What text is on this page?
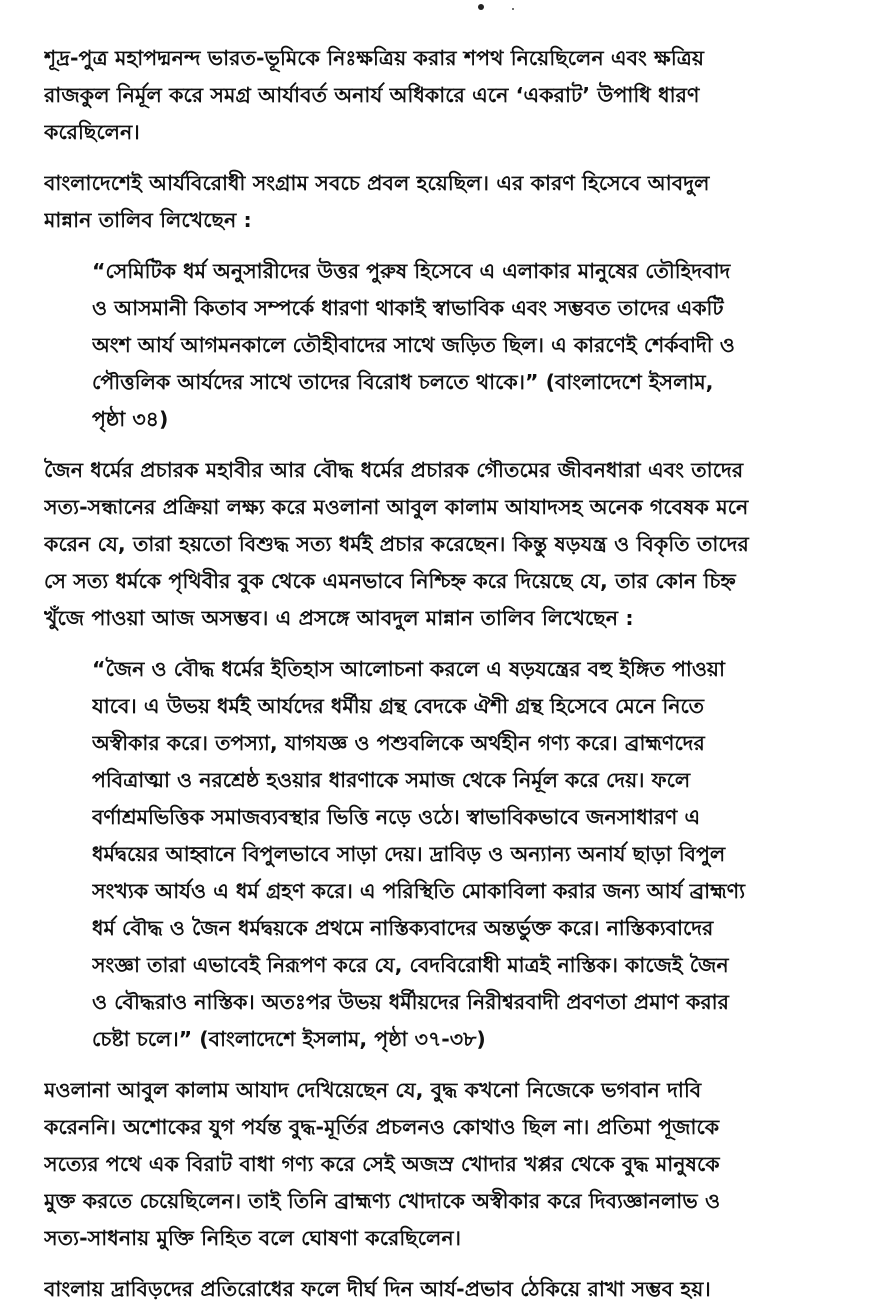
শূদ্র-পুত্র মহাপদ্মনন্দ ভারত-ভূমিকে নিঃক্ষত্রিয় করার শপথ নিয়েছিলেন এবং ক্ষত্রিয়
রাজকুল নির্মূল করে সমগ্র আর্যাবর্ত অনার্য অধিকারে এনে ‘একরাট’ উপাধি ধারণ
করেছিলেন।

বাংলাদেশেই আর্যবিরোধী সংগ্রাম সবচে প্রবল হয়েছিল। এর কারণ হিসেবে আবদুল
মান্নান তালিব লিখেছেন :

“সেমিটিক ধর্ম অনুসারীদের উত্তর পুরুষ হিসেবে এ এলাকার মানুষের তৌহিদবাদ
ও আসমানী কিতাব সম্পর্কে ধারণা থাকাই স্বাভাবিক এবং সম্ভবত তাদের একটি
অংশ আর্য আগমনকালে তৌহীবাদের সাথে জড়িত ছিল। এ কারণেই শের্কবাদী ও
পৌত্তলিক আর্যদের সাথে তাদের বিরোধ চলতে থাকে।” (বাংলাদেশে ইসলাম,
পৃষ্ঠা ৩৪)

জৈন ধর্মের প্রচারক মহাবীর আর বৌদ্ধ ধর্মের প্রচারক গৌতমের জীবনধারা এবং তাদের
সত্য-সন্ধানের প্রক্রিয়া লক্ষ্য করে মওলানা আবুল কালাম আযাদসহ অনেক গবেষক মনে
করেন যে, তারা হয়তো বিশুদ্ধ সত্য ধর্মই প্রচার করেছেন। কিন্তু ষড়যন্ত্র ও বিকৃতি তাদের
সে সত্য ধর্মকে পৃথিবীর বুক থেকে এমনভাবে নিশ্চিহ্ন করে দিয়েছে যে, তার কোন চিহ্ন
খুঁজে পাওয়া আজ অসম্ভব। এ প্রসঙ্গে আবদুল মান্নান তালিব লিখেছেন :

“জৈন ও বৌদ্ধ ধর্মের ইতিহাস আলোচনা করলে এ ষড়যন্ত্রের বহু ইঙ্গিত পাওয়া
যাবে। এ উভয় ধর্মই আর্যদের ধর্মীয় গ্রন্থ বেদকে ঐশী গ্রন্থ হিসেবে মেনে নিতে
অস্বীকার করে। তপস্যা, যাগযজ্ঞ ও পশুবলিকে অর্থহীন গণ্য করে। ব্রাহ্মণদের
পবিত্রাত্মা ও নরশ্রেষ্ঠ হওয়ার ধারণাকে সমাজ থেকে নির্মূল করে দেয়। ফলে
বর্ণাশ্রমভিত্তিক সমাজব্যবস্থার ভিত্তি নড়ে ওঠে। স্বাভাবিকভাবে জনসাধারণ এ
ধর্মদ্বয়ের আহ্বানে বিপুলভাবে সাড়া দেয়। দ্রাবিড় ও অন্যান্য অনার্য ছাড়া বিপুল
সংখ্যক আর্যও এ ধর্ম গ্রহণ করে। এ পরিস্থিতি মোকাবিলা করার জন্য আর্য ব্রাহ্মণ্য
ধর্ম বৌদ্ধ ও জৈন ধর্মদ্বয়কে প্রথমে নাস্তিক্যবাদের অন্তর্ভুক্ত করে। নাস্তিক্যবাদের
সংজ্ঞা তারা এভাবেই নিরূপণ করে যে, বেদবিরোধী মাত্রই নাস্তিক। কাজেই জৈন
ও বৌদ্ধরাও নাস্তিক। অতঃপর উভয় ধর্মীয়দের নিরীশ্বরবাদী প্রবণতা প্রমাণ করার
চেষ্টা চলে।” (বাংলাদেশে ইসলাম, পৃষ্ঠা ৩৭-৩৮)

মওলানা আবুল কালাম আযাদ দেখিয়েছেন যে, বুদ্ধ কখনো নিজেকে ভগবান দাবি
করেননি। অশোকের যুগ পর্যন্ত বুদ্ধ-মূর্তির প্রচলনও কোথাও ছিল না। প্রতিমা পূজাকে
সত্যের পথে এক বিরাট বাধা গণ্য করে সেই অজস্র খোদার খপ্পর থেকে বুদ্ধ মানুষকে
মুক্ত করতে চেয়েছিলেন। তাই তিনি ব্রাহ্মণ্য খোদাকে অস্বীকার করে দিব্যজ্ঞানলাভ ও
সত্য-সাধনায় মুক্তি নিহিত বলে ঘোষণা করেছিলেন।

বাংলায় দ্রাবিড়দের প্রতিরোধের ফলে দীর্ঘ দিন আর্য-প্রভাব ঠেকিয়ে রাখা সম্ভব হয়।
